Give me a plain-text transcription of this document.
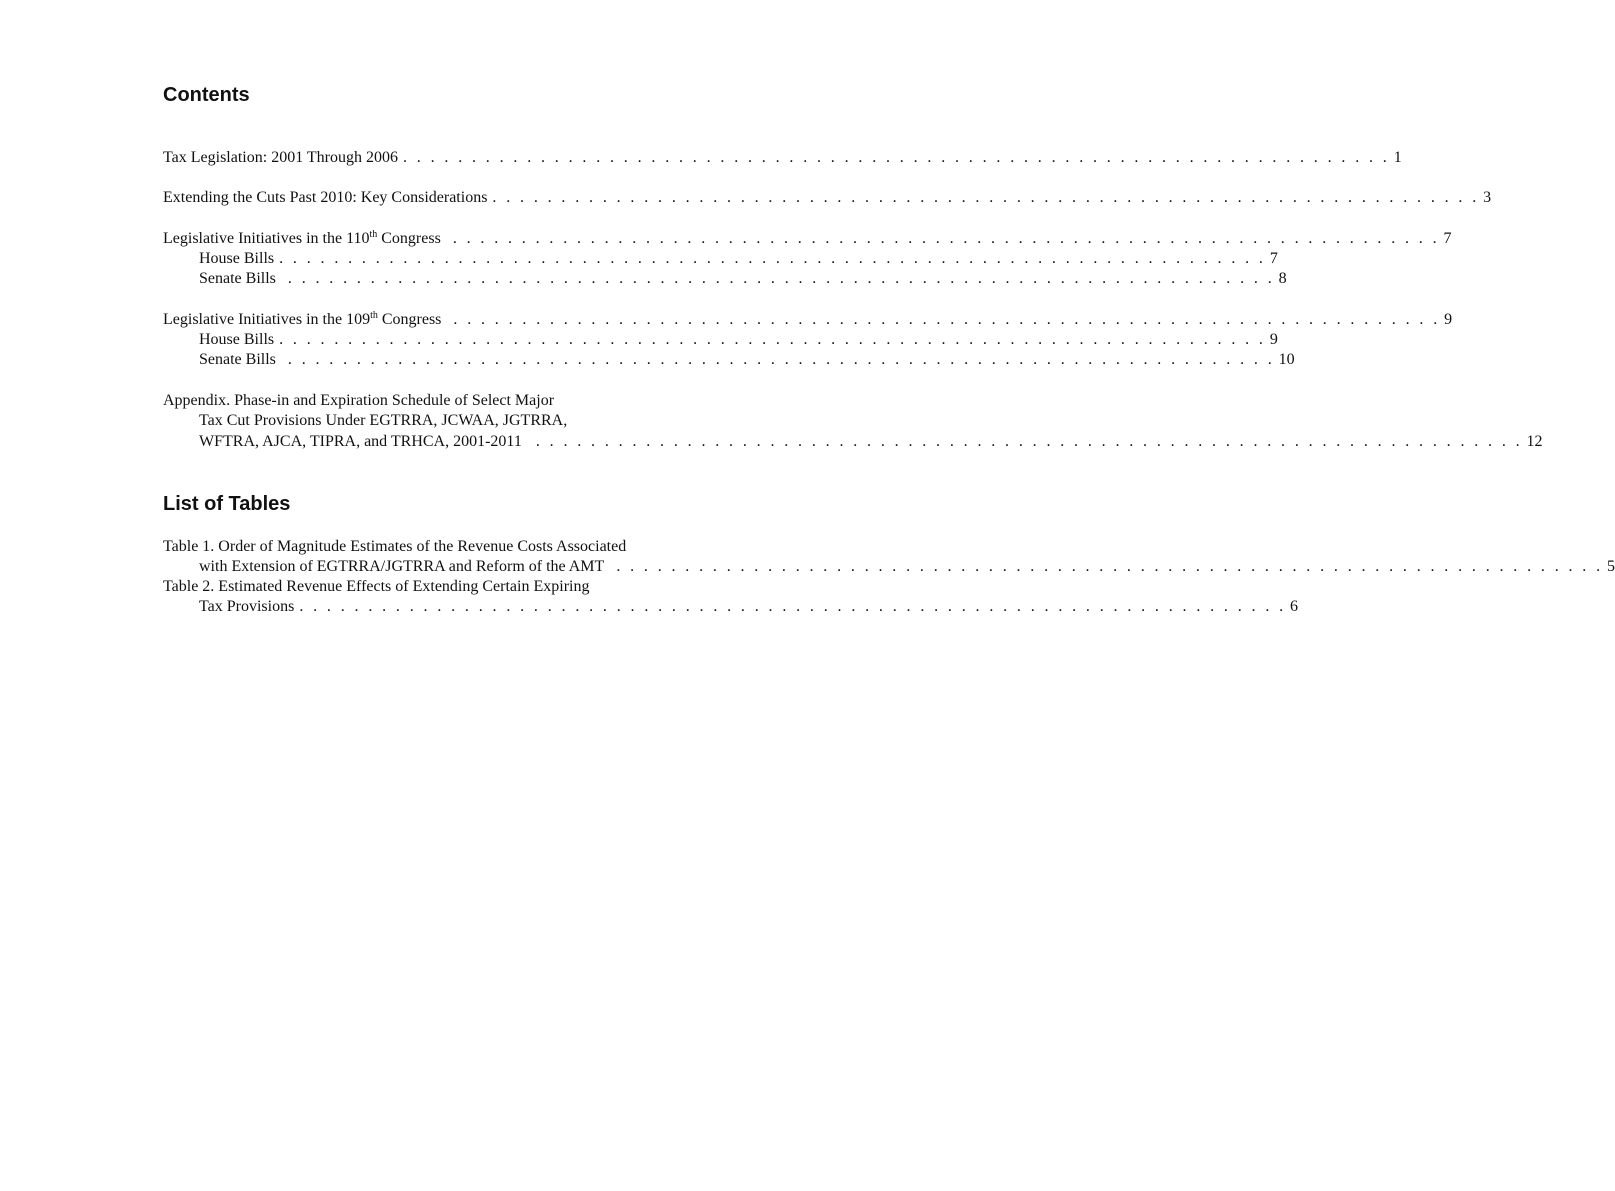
Contents
Tax Legislation: 2001 Through 2006 . . . . . . . . . . . . . . . . . . . . . . . . . . . . . . . . . . . . . . . . . . . . . . . . . . . . . . . . . . . . . . . . . . . . . . . . 1
Extending the Cuts Past 2010: Key Considerations . . . . . . . . . . . . . . . . . . . . . . . . . . . . . . . . . . . . . . . . . . . . . . . . . . . . . . . . . . . . . . . . . . . . . . . . 3
Legislative Initiatives in the 110th Congress . . . . . . . . . . . . . . . . . . . . . . . . . . . . . . . . . . . . . . . . . . . . . . . . . . . . . . . . . . . . . . . . . . . . . . . . 7
House Bills . . . . . . . . . . . . . . . . . . . . . . . . . . . . . . . . . . . . . . . . . . . . . . . . . . . . . . . . . . . . . . . . . . . . . . . . 7
Senate Bills . . . . . . . . . . . . . . . . . . . . . . . . . . . . . . . . . . . . . . . . . . . . . . . . . . . . . . . . . . . . . . . . . . . . . . . . 8
Legislative Initiatives in the 109th Congress . . . . . . . . . . . . . . . . . . . . . . . . . . . . . . . . . . . . . . . . . . . . . . . . . . . . . . . . . . . . . . . . . . . . . . . . 9
House Bills . . . . . . . . . . . . . . . . . . . . . . . . . . . . . . . . . . . . . . . . . . . . . . . . . . . . . . . . . . . . . . . . . . . . . . . . 9
Senate Bills . . . . . . . . . . . . . . . . . . . . . . . . . . . . . . . . . . . . . . . . . . . . . . . . . . . . . . . . . . . . . . . . . . . . . . . . 10
Appendix. Phase-in and Expiration Schedule of Select Major
Tax Cut Provisions Under EGTRRA, JCWAA, JGTRRA,
WFTRA, AJCA, TIPRA, and TRHCA, 2001-2011 . . . . . . . . . . . . . . . . . . . . . . . . . . . . . . . . . . . . . . . . . . . . . . . . . . . . . . . . . . . . . . . . . . . . . . . . 12
List of Tables
Table 1. Order of Magnitude Estimates of the Revenue Costs Associated
with Extension of EGTRRA/JGTRRA and Reform of the AMT . . . . . . . . . . . . . . . . . . . . . . . . . . . . . . . . . . . . . . . . . . . . . . . . . . . . . . . . . . . . . . . . . . . . . . . . 5
Table 2. Estimated Revenue Effects of Extending Certain Expiring
Tax Provisions . . . . . . . . . . . . . . . . . . . . . . . . . . . . . . . . . . . . . . . . . . . . . . . . . . . . . . . . . . . . . . . . . . . . . . . . 6
